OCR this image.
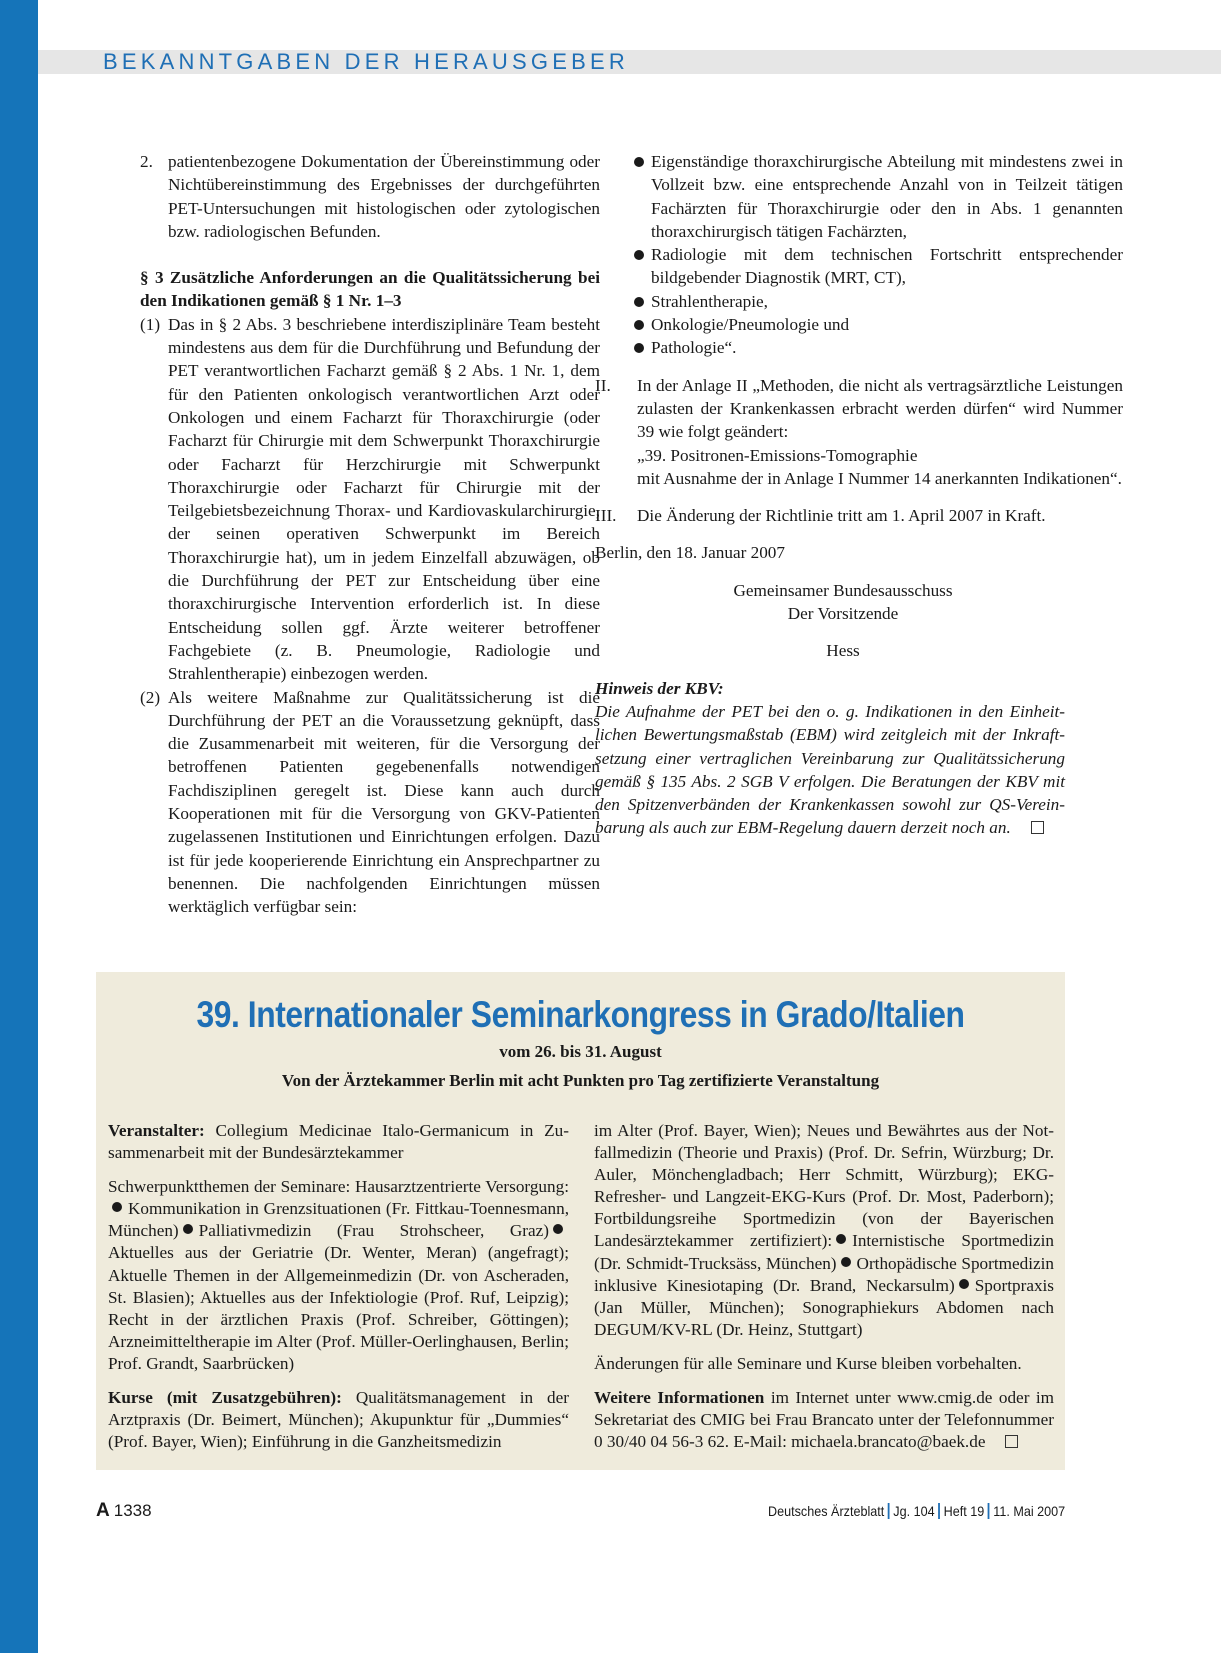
BEKANNTGABEN DER HERAUSGEBER
2. patientenbezogene Dokumentation der Übereinstimmung oder Nichtübereinstimmung des Ergebnisses der durchgeführten PET-Untersuchungen mit histologischen oder zytologischen bzw. radiologischen Befunden.

§ 3 Zusätzliche Anforderungen an die Qualitätssicherung bei den Indikationen gemäß § 1 Nr. 1–3

(1) Das in § 2 Abs. 3 beschriebene interdisziplinäre Team besteht mindestens aus dem für die Durchführung und Befundung der PET verantwortlichen Facharzt gemäß § 2 Abs. 1 Nr. 1, dem für den Patienten onkologisch verantwortlichen Arzt oder Onkologen und einem Facharzt für Thoraxchirurgie (oder Facharzt für Chirurgie mit dem Schwerpunkt Thoraxchirurgie oder Facharzt für Herzchirurgie mit Schwerpunkt Thoraxchirurgie oder Facharzt für Chirurgie mit der Teilgebietsbezeichnung Thorax- und Kardiovaskularchirurgie, der seinen operativen Schwerpunkt im Bereich Thoraxchirurgie hat), um in jedem Einzelfall abzuwägen, ob die Durchführung der PET zur Entscheidung über eine thoraxchirurgische Intervention erforderlich ist. In diese Entscheidung sollen ggf. Ärzte weiterer betroffener Fachgebiete (z. B. Pneumologie, Radiologie und Strahlentherapie) einbezogen werden.

(2) Als weitere Maßnahme zur Qualitätssicherung ist die Durchführung der PET an die Voraussetzung geknüpft, dass die Zusammenarbeit mit weiteren, für die Versorgung der betroffenen Patienten gegebenenfalls notwendigen Fachdisziplinen geregelt ist. Diese kann auch durch Kooperationen mit für die Versorgung von GKV-Patienten zugelassenen Institutionen und Einrichtungen erfolgen. Dazu ist für jede kooperierende Einrichtung ein Ansprechpartner zu benennen. Die nachfolgenden Einrichtungen müssen werktäglich verfügbar sein:

Eigenständige thoraxchirurgische Abteilung mit mindestens zwei in Vollzeit bzw. eine entsprechende Anzahl von in Teilzeit tätigen Fachärzten für Thoraxchirurgie oder den in Abs. 1 genannten thoraxchirurgisch tätigen Fachärzten,

Radiologie mit dem technischen Fortschritt entsprechender bildgebender Diagnostik (MRT, CT),

Strahlentherapie,

Onkologie/Pneumologie und

Pathologie“.

II. In der Anlage II „Methoden, die nicht als vertragsärztliche Leistungen zulasten der Krankenkassen erbracht werden dürfen“ wird Nummer 39 wie folgt geändert:

„39. Positronen-Emissions-Tomographie

mit Ausnahme der in Anlage I Nummer 14 anerkannten Indikationen“.

III. Die Änderung der Richtlinie tritt am 1. April 2007 in Kraft.

Berlin, den 18. Januar 2007

Gemeinsamer Bundesausschuss

Der Vorsitzende

Hess

Hinweis der KBV:

Die Aufnahme der PET bei den o. g. Indikationen in den Einheitlichen Bewertungsmaßstab (EBM) wird zeitgleich mit der Inkraftsetzung einer vertraglichen Vereinbarung zur Qualitätssicherung gemäß § 135 Abs. 2 SGB V erfolgen. Die Beratungen der KBV mit den Spitzenverbänden der Krankenkassen sowohl zur QS-Vereinbarung als auch zur EBM-Regelung dauern derzeit noch an.

39. Internationaler Seminarkongress in Grado/Italien
vom 26. bis 31. August
Von der Ärztekammer Berlin mit acht Punkten pro Tag zertifizierte Veranstaltung

Veranstalter: Collegium Medicinae Italo-Germanicum in Zusammenarbeit mit der Bundesärztekammer

Schwerpunktthemen der Seminare: Hausarztzentrierte Versorgung:Kommunikation in Grenzsituationen (Fr. Fittkau-Toennesmann, München) Palliativmedizin (Frau Strohscheer, Graz)Aktuelles aus der Geriatrie (Dr. Wenter, Meran) (angefragt); Aktuelle Themen in der Allgemeinmedizin (Dr. von Ascheraden, St. Blasien); Aktuelles aus der Infektiologie (Prof. Ruf, Leipzig); Recht in der ärztlichen Praxis (Prof. Schreiber, Göttingen); Arzneimitteltherapie im Alter (Prof. Müller-Oerlinghausen, Berlin; Prof. Grandt, Saarbrücken)

Kurse (mit Zusatzgebühren): Qualitätsmanagement in der Arztpraxis (Dr. Beimert, München); Akupunktur für „Dummies“ (Prof. Bayer, Wien); Einführung in die Ganzheitsmedizin

im Alter (Prof. Bayer, Wien); Neues und Bewährtes aus der Notfallmedizin (Theorie und Praxis) (Prof. Dr. Sefrin, Würzburg; Dr. Auler, Mönchengladbach; Herr Schmitt, Würzburg); EKG-Refresher- und Langzeit-EKG-Kurs (Prof. Dr. Most, Paderborn); Fortbildungsreihe Sportmedizin (von der Bayerischen Landesärztekammer zertifiziert): Internistische Sportmedizin (Dr. Schmidt-Trucksäss, München) Orthopädische Sportmedizin inklusive Kinesiotaping (Dr. Brand, Neckarsulm) Sportpraxis (Jan Müller, München); Sonographiekurs Abdomen nach DEGUM/KV-RL (Dr. Heinz, Stuttgart)

Änderungen für alle Seminare und Kurse bleiben vorbehalten.

Weitere Informationen im Internet unter www.cmig.de oder im Sekretariat des CMIG bei Frau Brancato unter der Telefonnummer 0 30/40 04 56-3 62. E-Mail: michaela.brancato@baek.de

A 1338	Deutsches Ärzteblatt Jg. 104 Heft 19 11. Mai 2007
